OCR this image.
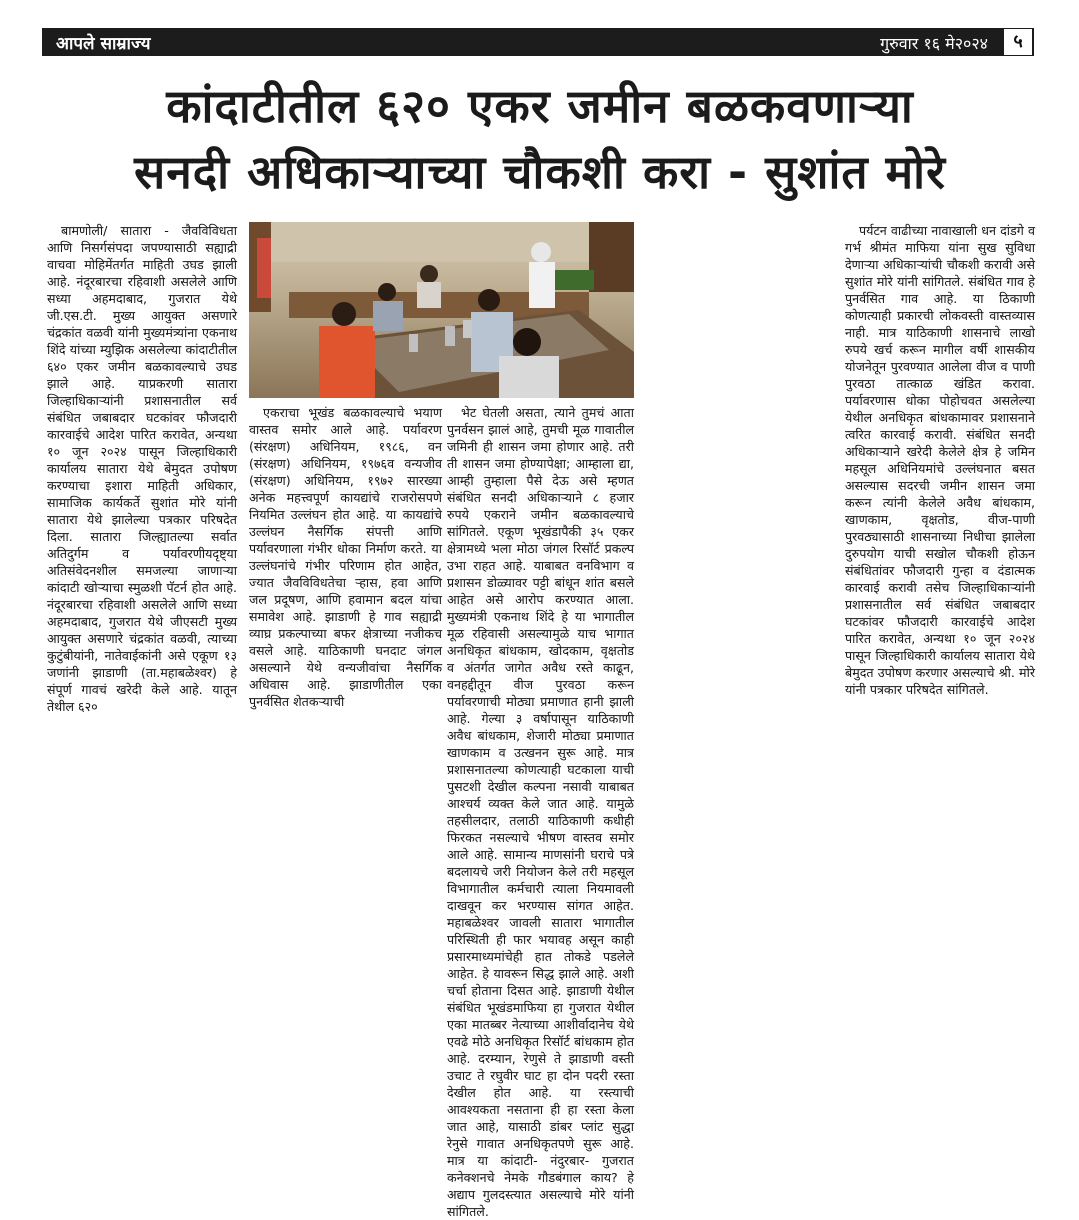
आपले साम्राज्य	गुरुवार १६ मे२०२४	५
कांदाटीतील ६२० एकर जमीन बळकवणाऱ्या
सनदी अधिकाऱ्याच्या चौकशी करा - सुशांत मोरे

बामणोली/ सातारा - जैवविविधता आणि निसर्गसंपदा जपण्यासाठी सह्याद्री वाचवा मोहिमेंतर्गत माहिती उघड झाली आहे. नंदूरबारचा रहिवाशी असलेले आणि सध्या अहमदाबाद, गुजरात येथे जी.एस.टी. मुख्य आयुक्त असणारे चंद्रकांत वळवी यांनी मुख्यमंत्र्यांना एकनाथ शिंदे यांच्या म्युझिक असलेल्या कांदाटीतील ६४० एकर जमीन बळकावल्याचे उघड झाले आहे. याप्रकरणी सातारा जिल्हाधिकाऱ्यांनी प्रशासनातील सर्व संबंधित जबाबदार घटकांवर फौजदारी कारवाईचे आदेश पारित करावेत, अन्यथा १० जून २०२४ पासून जिल्हाधिकारी कार्यालय सातारा येथे बेमुदत उपोषण करण्याचा इशारा माहिती अधिकार, सामाजिक कार्यकर्ते सुशांत मोरे यांनी सातारा येथे झालेल्या पत्रकार परिषदेत दिला. सातारा जिल्ह्यातल्या सर्वात अतिदुर्गम व पर्यावरणीयदृष्ट्या अतिसंवेदनशील समजल्या जाणाऱ्या कांदाटी खोऱ्याचा स्मुळशी पॅटर्न होत आहे. नंदूरबारचा रहिवाशी असलेले आणि सध्या अहमदाबाद, गुजरात येथे जीएसटी मुख्य आयुक्त असणारे चंद्रकांत वळवी, त्याच्या कुटुंबीयांनी, नातेवाईकांनी असे एकूण १३ जणांनी झाडाणी (ता.महाबळेश्वर) हे संपूर्ण गावचं खरेदी केले आहे. यातून तेथील ६२०

एकराचा भूखंड बळकावल्याचे भयाण वास्तव समोर आले आहे. पर्यावरण (संरक्षण) अधिनियम, १९८६, वन (संरक्षण) अधिनियम, १९७६व वन्यजीव (संरक्षण) अधिनियम, १९७२ सारख्या अनेक महत्त्वपूर्ण कायद्यांचे राजरोसपणे नियमित उल्लंघन होत आहे. या कायद्यांचे उल्लंघन नैसर्गिक संपत्ती आणि पर्यावरणाला गंभीर धोका निर्माण करते. या उल्लंघनांचे गंभीर परिणाम होत आहेत, ज्यात जैवविविधतेचा ऱ्हास, हवा आणि जल प्रदूषण, आणि हवामान बदल यांचा समावेश आहे. झाडाणी हे गाव सह्याद्री व्याघ्र प्रकल्पाच्या बफर क्षेत्राच्या नजीकच वसले आहे. याठिकाणी घनदाट जंगल असल्याने येथे वन्यजीवांचा नैसर्गिक अधिवास आहे. झाडाणीतील एका पुनर्वसित शेतकऱ्याची

भेट घेतली असता, त्याने तुमचं आता पुनर्वसन झालं आहे, तुमची मूळ गावातील जमिनी ही शासन जमा होणार आहे. तरी ती शासन जमा होण्यापेक्षा; आम्हाला द्या, आम्ही तुम्हाला पैसे देऊ असे म्हणत संबंधित सनदी अधिकाऱ्याने ८ हजार रुपये एकराने जमीन बळकावल्याचे सांगितले. एकूण भूखंडापैकी ३५ एकर क्षेत्रामध्ये भला मोठा जंगल रिसॉर्ट प्रकल्प उभा राहत आहे. याबाबत वनविभाग व प्रशासन डोळ्यावर पट्टी बांधून शांत बसले आहेत असे आरोप करण्यात आला. मुख्यमंत्री एकनाथ शिंदे हे या भागातील मूळ रहिवासी असल्यामुळे याच भागात अनधिकृत बांधकाम, खोदकाम, वृक्षतोड व अंतर्गत जागेत अवैध रस्ते काढून, वनहद्दीतून वीज पुरवठा करून पर्यावरणाची मोठ्या प्रमाणात हानी झाली आहे. गेल्या ३ वर्षापासून याठिकाणी अवैध बांधकाम, शेजारी मोठ्या प्रमाणात खाणकाम व उत्खनन सुरू आहे. मात्र प्रशासनातल्या कोणत्याही घटकाला याची पुसटशी देखील कल्पना नसावी याबाबत आश्चर्य व्यक्त केले जात आहे. यामुळे तहसीलदार, तलाठी याठिकाणी कधीही फिरकत नसल्याचे भीषण वास्तव समोर आले आहे. सामान्य माणसांनी घराचे पत्रे बदलायचे जरी नियोजन केले तरी महसूल विभागातील कर्मचारी त्याला नियमावली दाखवून कर भरण्यास सांगत आहेत. महाबळेश्वर जावली सातारा भागातील परिस्थिती ही फार भयावह असून काही प्रसारमाध्यमांचेही हात तोकडे पडलेले आहेत. हे यावरून सिद्ध झाले आहे. अशी चर्चा होताना दिसत आहे. झाडाणी येथील संबंधित भूखंडमाफिया हा गुजरात येथील एका मातब्बर नेत्याच्या आशीर्वादानेच येथे एवढे मोठे अनधिकृत रिसॉर्ट बांधकाम होत आहे. दरम्यान, रेणुसे ते झाडाणी वस्ती उचाट ते रघुवीर घाट हा दोन पदरी रस्ता देखील होत आहे. या रस्त्याची आवश्यकता नसताना ही हा रस्ता केला जात आहे, यासाठी डांबर प्लांट सुद्धा रेनुसे गावात अनधिकृतपणे सुरू आहे. मात्र या कांदाटी- नंदुरबार- गुजरात कनेक्शनचे नेमके गौडबंगाल काय? हे अद्याप गुलदस्त्यात असल्याचे मोरे यांनी सांगितले.

पर्यटन वाढीच्या नावाखाली धन दांडगे व गर्भ श्रीमंत माफिया यांना सुख सुविधा देणाऱ्या अधिकाऱ्यांची चौकशी करावी असे सुशांत मोरे यांनी सांगितले. संबंधित गाव हे पुनर्वसित गाव आहे. या ठिकाणी कोणत्याही प्रकारची लोकवस्ती वास्तव्यास नाही. मात्र याठिकाणी शासनाचे लाखो रुपये खर्च करून मागील वर्षी शासकीय योजनेतून पुरवण्यात आलेला वीज व पाणी पुरवठा तात्काळ खंडित करावा. पर्यावरणास धोका पोहोचवत असलेल्या येथील अनधिकृत बांधकामावर प्रशासनाने त्वरित कारवाई करावी. संबंधित सनदी अधिकाऱ्याने खरेदी केलेले क्षेत्र हे जमिन महसूल अधिनियमांचे उल्लंघनात बसत असल्यास सदरची जमीन शासन जमा करून त्यांनी केलेले अवैध बांधकाम, खाणकाम, वृक्षतोड, वीज-पाणी पुरवठ्यासाठी शासनाच्या निधीचा झालेला दुरुपयोग याची सखोल चौकशी होऊन संबंधितांवर फौजदारी गुन्हा व दंडात्मक कारवाई करावी तसेच जिल्हाधिकाऱ्यांनी प्रशासनातील सर्व संबंधित जबाबदार घटकांवर फौजदारी कारवाईचे आदेश पारित करावेत, अन्यथा १० जून २०२४ पासून जिल्हाधिकारी कार्यालय सातारा येथे बेमुदत उपोषण करणार असल्याचे श्री. मोरे यांनी पत्रकार परिषदेत सांगितले.
